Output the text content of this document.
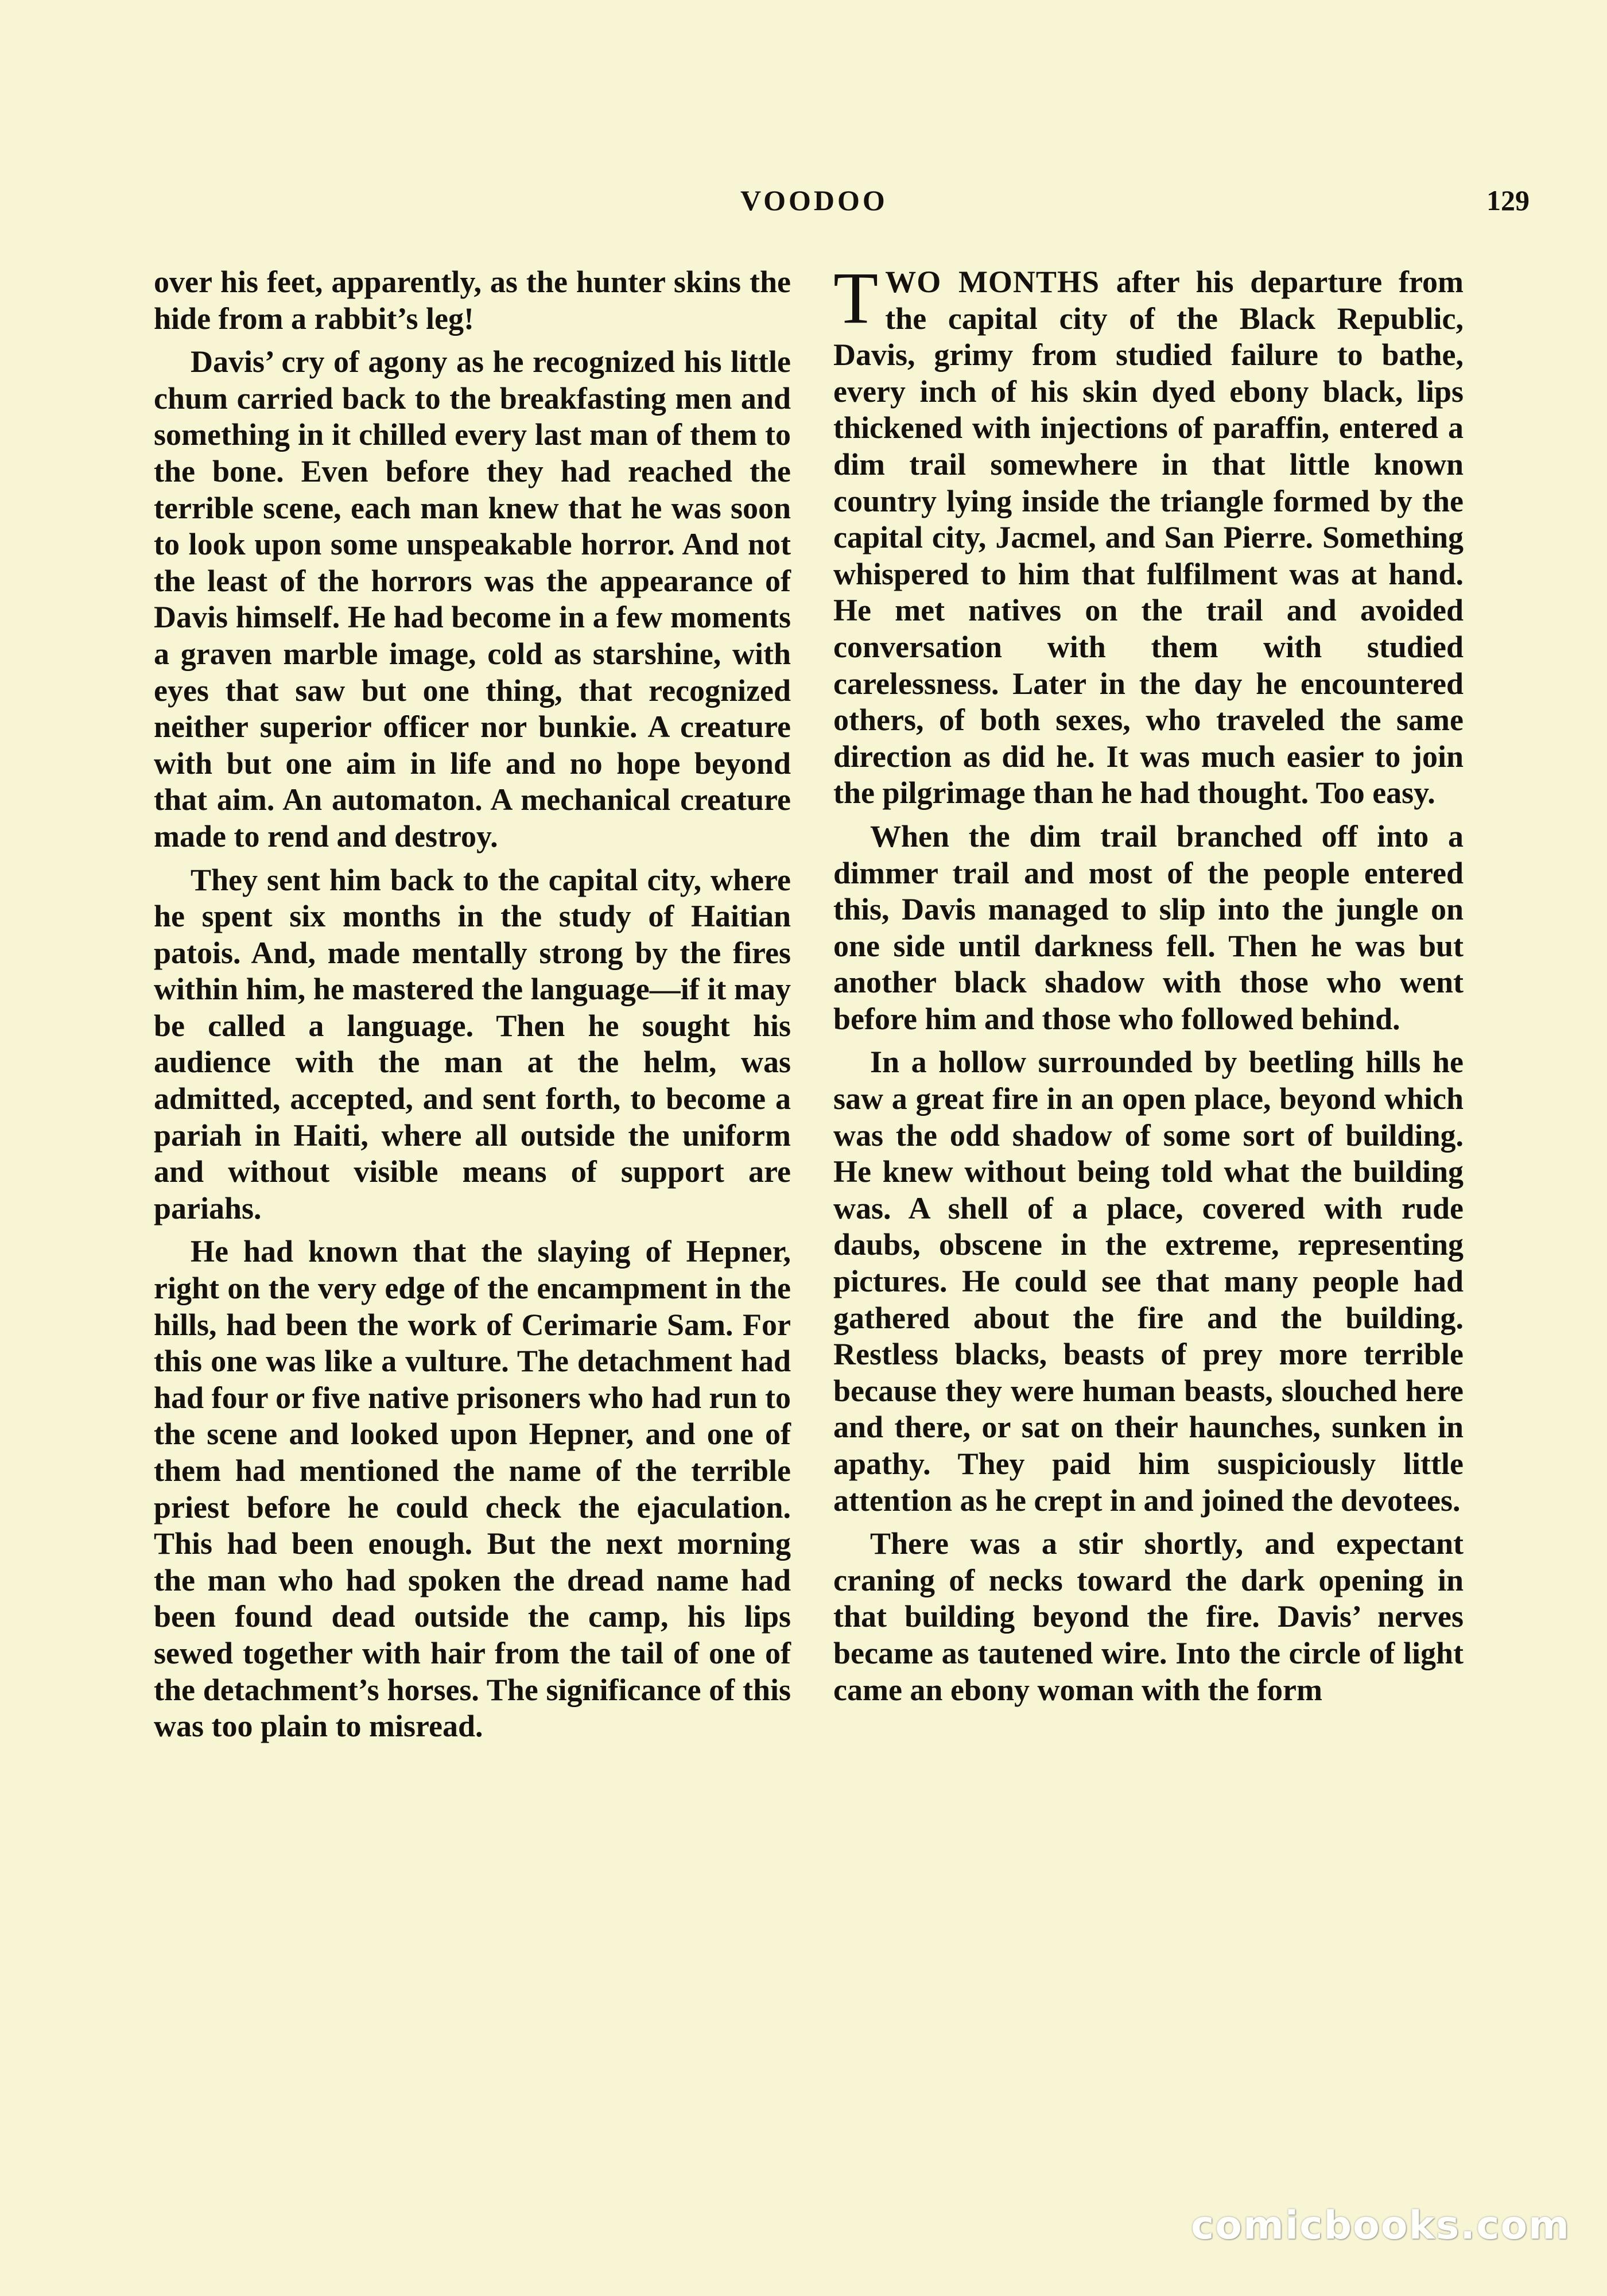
VOODOO	129

over his feet, apparently, as the hunter skins the hide from a rabbit’s leg!

Davis’ cry of agony as he recognized his little chum carried back to the breakfasting men and something in it chilled every last man of them to the bone. Even before they had reached the terrible scene, each man knew that he was soon to look upon some unspeakable horror. And not the least of the horrors was the appearance of Davis himself. He had become in a few moments a graven marble image, cold as starshine, with eyes that saw but one thing, that recognized neither superior officer nor bunkie. A creature with but one aim in life and no hope beyond that aim. An automaton. A mechanical creature made to rend and destroy.

They sent him back to the capital city, where he spent six months in the study of Haitian patois. And, made mentally strong by the fires within him, he mastered the language—if it may be called a language. Then he sought his audience with the man at the helm, was admitted, accepted, and sent forth, to become a pariah in Haiti, where all outside the uniform and without visible means of support are pariahs.

He had known that the slaying of Hepner, right on the very edge of the encampment in the hills, had been the work of Cerimarie Sam. For this one was like a vulture. The detachment had had four or five native prisoners who had run to the scene and looked upon Hepner, and one of them had mentioned the name of the terrible priest before he could check the ejaculation. This had been enough. But the next morning the man who had spoken the dread name had been found dead outside the camp, his lips sewed together with hair from the tail of one of the detachment’s horses. The significance of this was too plain to misread.

TWO MONTHS after his departure from the capital city of the Black Republic, Davis, grimy from studied failure to bathe, every inch of his skin dyed ebony black, lips thickened with injections of paraffin, entered a dim trail somewhere in that little known country lying inside the triangle formed by the capital city, Jacmel, and San Pierre. Something whispered to him that fulfilment was at hand. He met natives on the trail and avoided conversation with them with studied carelessness. Later in the day he encountered others, of both sexes, who traveled the same direction as did he. It was much easier to join the pilgrimage than he had thought. Too easy.

When the dim trail branched off into a dimmer trail and most of the people entered this, Davis managed to slip into the jungle on one side until darkness fell. Then he was but another black shadow with those who went before him and those who followed behind.

In a hollow surrounded by beetling hills he saw a great fire in an open place, beyond which was the odd shadow of some sort of building. He knew without being told what the building was. A shell of a place, covered with rude daubs, obscene in the extreme, representing pictures. He could see that many people had gathered about the fire and the building. Restless blacks, beasts of prey more terrible because they were human beasts, slouched here and there, or sat on their haunches, sunken in apathy. They paid him suspiciously little attention as he crept in and joined the devotees.

There was a stir shortly, and expectant craning of necks toward the dark opening in that building beyond the fire. Davis’ nerves became as tautened wire. Into the circle of light came an ebony woman with the form

comicbooks.com
